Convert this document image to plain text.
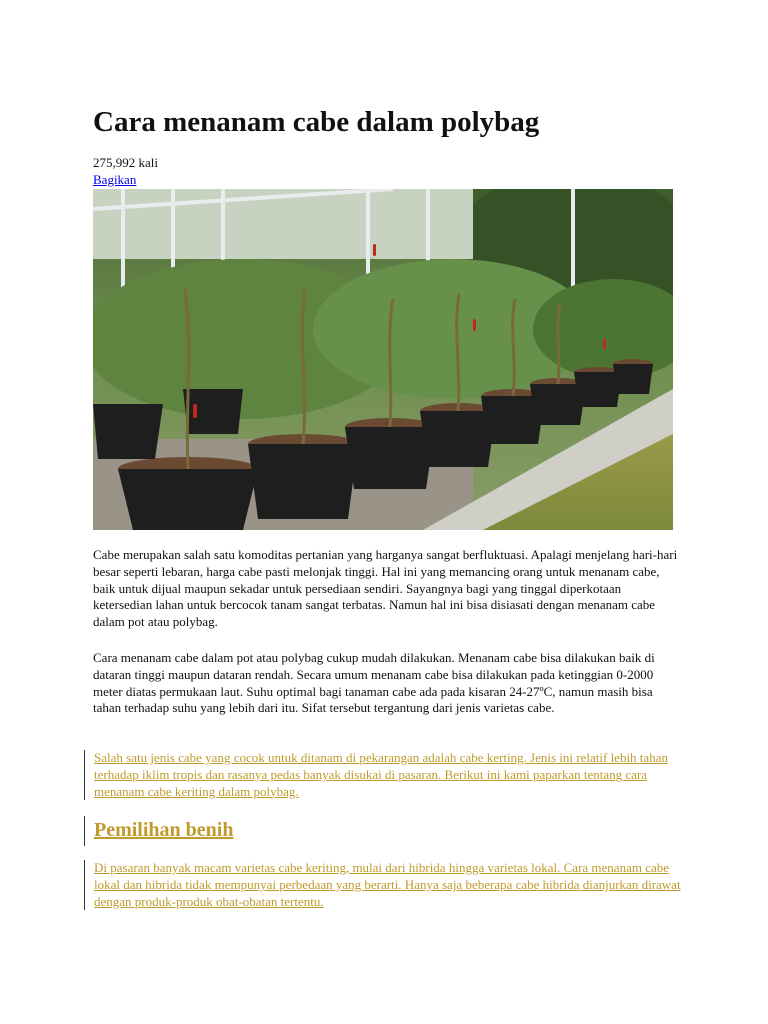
Cara menanam cabe dalam polybag
275,992 kali
Bagikan

Cabe merupakan salah satu komoditas pertanian yang harganya sangat berfluktuasi. Apalagi menjelang hari-hari besar seperti lebaran, harga cabe pasti melonjak tinggi. Hal ini yang memancing orang untuk menanam cabe, baik untuk dijual maupun sekadar untuk persediaan sendiri. Sayangnya bagi yang tinggal diperkotaan ketersedian lahan untuk bercocok tanam sangat terbatas. Namun hal ini bisa disiasati dengan menanam cabe dalam pot atau polybag.

Cara menanam cabe dalam pot atau polybag cukup mudah dilakukan. Menanam cabe bisa dilakukan baik di dataran tinggi maupun dataran rendah. Secara umum menanam cabe bisa dilakukan pada ketinggian 0-2000 meter diatas permukaan laut. Suhu optimal bagi tanaman cabe ada pada kisaran 24-27ºC, namun masih bisa tahan terhadap suhu yang lebih dari itu. Sifat tersebut tergantung dari jenis varietas cabe.

Salah satu jenis cabe yang cocok untuk ditanam di pekarangan adalah cabe kerting. Jenis ini relatif lebih tahan terhadap iklim tropis dan rasanya pedas banyak disukai di pasaran. Berikut ini kami paparkan tentang cara menanam cabe keriting dalam polybag.

Pemilihan benih

Di pasaran banyak macam varietas cabe keriting, mulai dari hibrida hingga varietas lokal. Cara menanam cabe lokal dan hibrida tidak mempunyai perbedaan yang berarti. Hanya saja beberapa cabe hibrida dianjurkan dirawat dengan produk-produk obat-obatan tertentu.
